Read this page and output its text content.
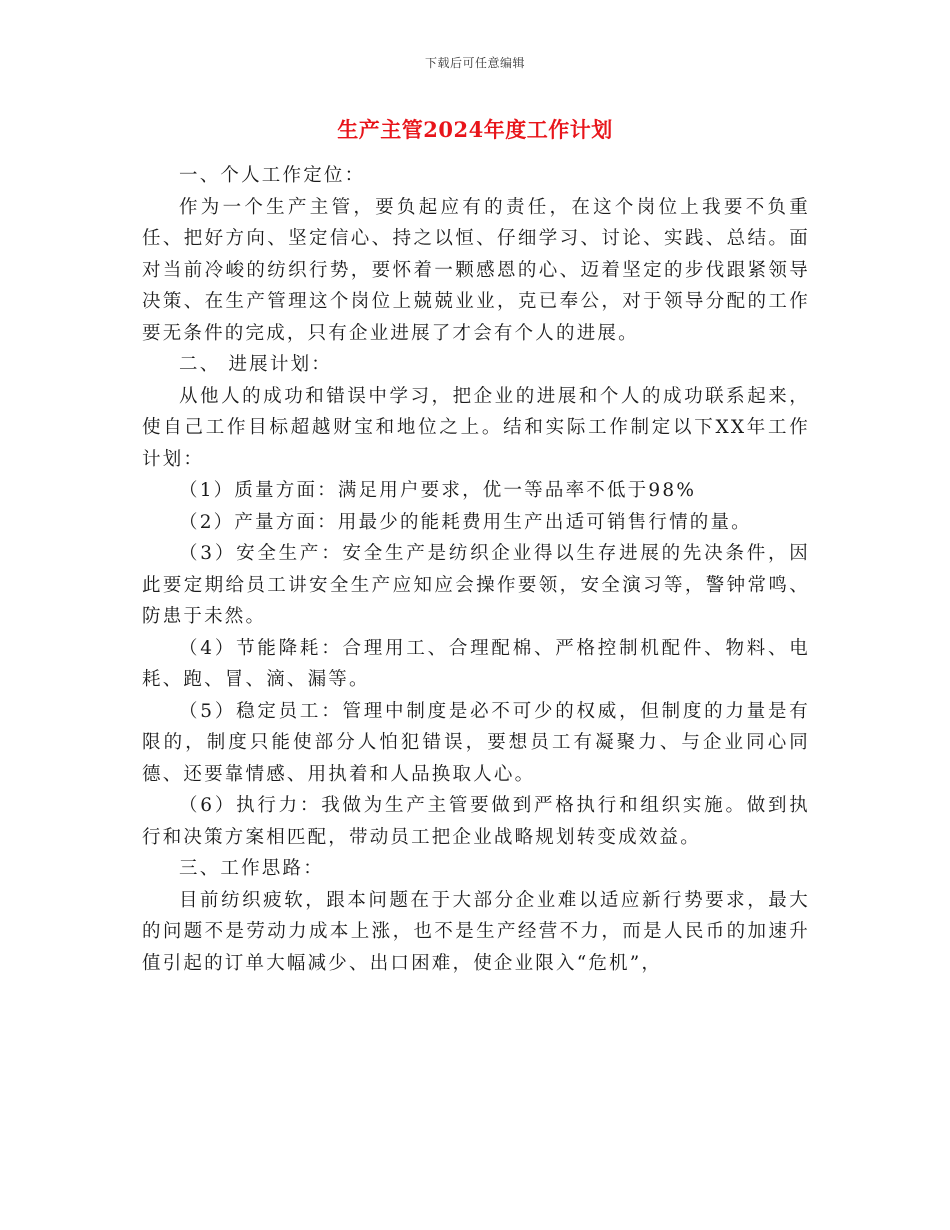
下载后可任意编辑
生产主管2024年度工作计划

一、个人工作定位：

作为一个生产主管，要负起应有的责任，在这个岗位上我要不负重任、把好方向、坚定信心、持之以恒、仔细学习、讨论、实践、总结。面对当前冷峻的纺织行势，要怀着一颗感恩的心、迈着坚定的步伐跟紧领导决策、在生产管理这个岗位上兢兢业业，克已奉公，对于领导分配的工作要无条件的完成，只有企业进展了才会有个人的进展。

二、 进展计划：

从他人的成功和错误中学习，把企业的进展和个人的成功联系起来，使自己工作目标超越财宝和地位之上。结和实际工作制定以下XX年工作计划：

（1）质量方面：满足用户要求，优一等品率不低于98%

（2）产量方面：用最少的能耗费用生产出适可销售行情的量。

（3）安全生产：安全生产是纺织企业得以生存进展的先决条件，因此要定期给员工讲安全生产应知应会操作要领，安全演习等，警钟常鸣、防患于未然。

（4）节能降耗：合理用工、合理配棉、严格控制机配件、物料、电耗、跑、冒、滴、漏等。

（5）稳定员工：管理中制度是必不可少的权威，但制度的力量是有限的，制度只能使部分人怕犯错误，要想员工有凝聚力、与企业同心同德、还要靠情感、用执着和人品换取人心。

（6）执行力：我做为生产主管要做到严格执行和组织实施。做到执行和决策方案相匹配，带动员工把企业战略规划转变成效益。

三、工作思路：

目前纺织疲软，跟本问题在于大部分企业难以适应新行势要求，最大的问题不是劳动力成本上涨，也不是生产经营不力，而是人民币的加速升值引起的订单大幅减少、出口困难，使企业限入“危机”，
